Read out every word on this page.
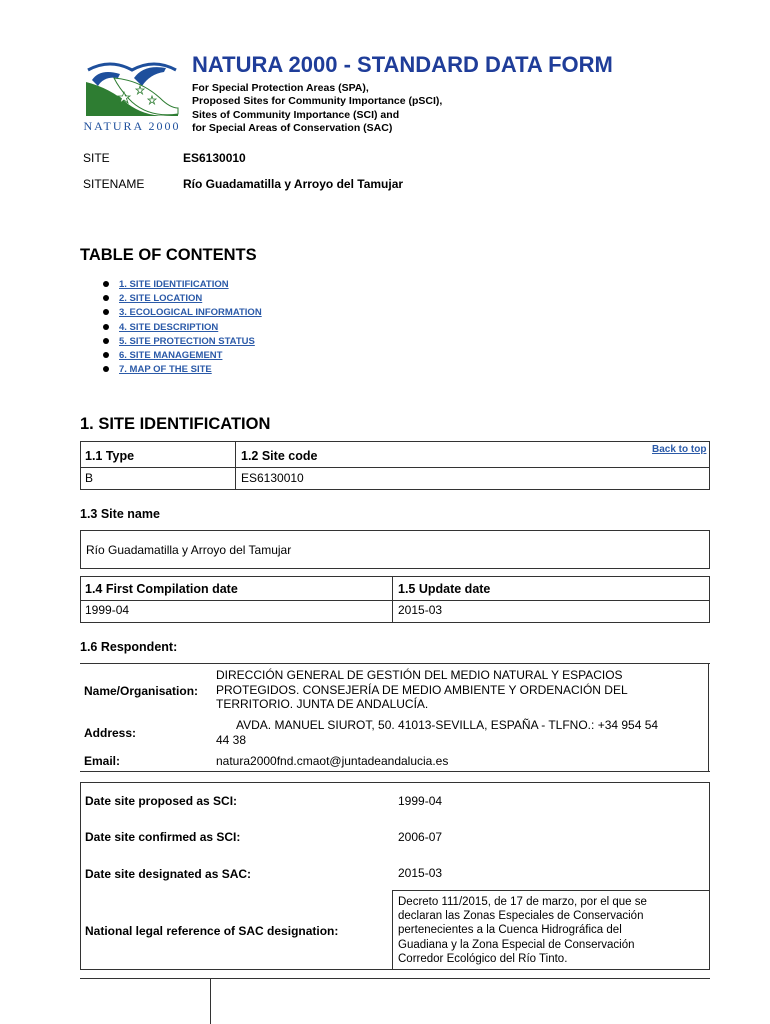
NATURA 2000
NATURA 2000 - STANDARD DATA FORM
For Special Protection Areas (SPA),
Proposed Sites for Community Importance (pSCI),
Sites of Community Importance (SCI) and
for Special Areas of Conservation (SAC)
SITE	ES6130010
SITENAME	Río Guadamatilla y Arroyo del Tamujar
TABLE OF CONTENTS
1. SITE IDENTIFICATION
2. SITE LOCATION
3. ECOLOGICAL INFORMATION
4. SITE DESCRIPTION
5. SITE PROTECTION STATUS
6. SITE MANAGEMENT
7. MAP OF THE SITE
1. SITE IDENTIFICATION
Back to top
1.1 Type	1.2 Site code
B	ES6130010
1.3 Site name
Río Guadamatilla y Arroyo del Tamujar
1.4 First Compilation date	1.5 Update date
1999-04	2015-03
1.6 Respondent:
Name/Organisation:
DIRECCIÓN GENERAL DE GESTIÓN DEL MEDIO NATURAL Y ESPACIOS
PROTEGIDOS. CONSEJERÍA DE MEDIO AMBIENTE Y ORDENACIÓN DEL
TERRITORIO. JUNTA DE ANDALUCÍA.
Address:
AVDA. MANUEL SIUROT, 50. 41013-SEVILLA, ESPAÑA - TLFNO.: +34 954 54
44 38
Email:	natura2000fnd.cmaot@juntadeandalucia.es
Date site proposed as SCI:	1999-04
Date site confirmed as SCI:	2006-07
Date site designated as SAC:	2015-03
National legal reference of SAC designation:
Decreto 111/2015, de 17 de marzo, por el que se
declaran las Zonas Especiales de Conservación
pertenecientes a la Cuenca Hidrográfica del
Guadiana y la Zona Especial de Conservación
Corredor Ecológico del Río Tinto.
